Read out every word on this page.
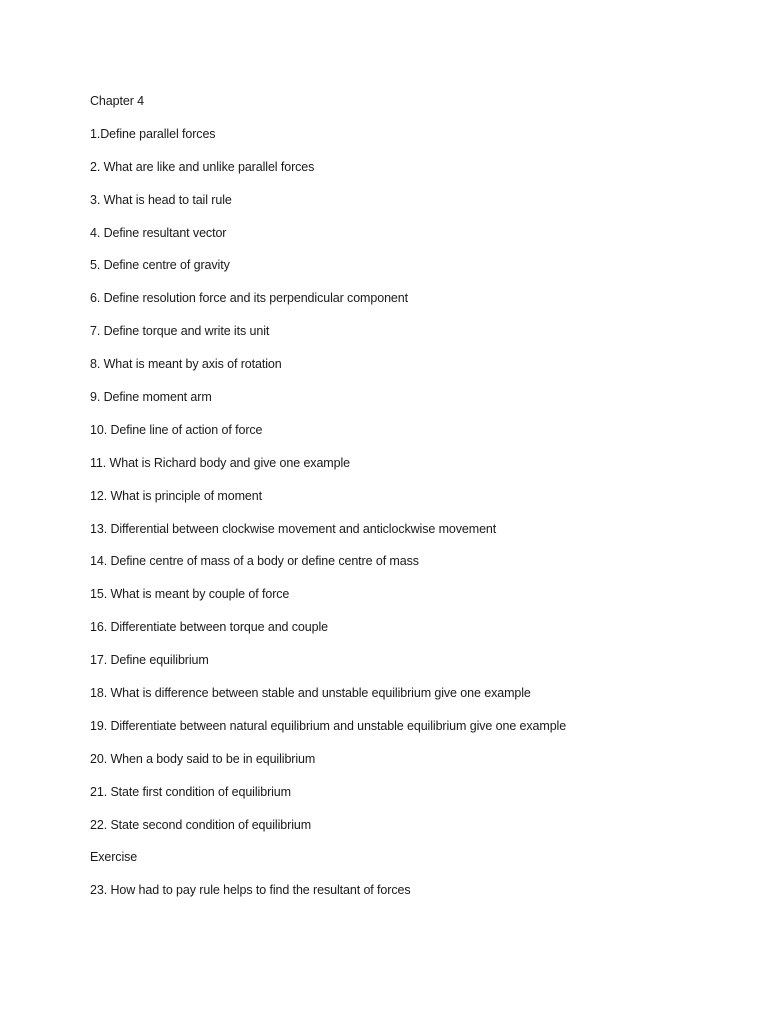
Chapter 4
1.Define parallel forces
2. What are like and unlike parallel forces
3. What is head to tail rule
4. Define resultant vector
5. Define centre of gravity
6. Define resolution force and its perpendicular component
7. Define torque and write its unit
8. What is meant by axis of rotation
9. Define moment arm
10. Define line of action of force
11. What is Richard body and give one example
12. What is principle of moment
13. Differential between clockwise movement and anticlockwise movement
14. Define centre of mass of a body or define centre of mass
15. What is meant by couple of force
16. Differentiate between torque and couple
17. Define equilibrium
18. What is difference between stable and unstable equilibrium give one example
19. Differentiate between natural equilibrium and unstable equilibrium give one example
20. When a body said to be in equilibrium
21. State first condition of equilibrium
22. State second condition of equilibrium
Exercise
23. How had to pay rule helps to find the resultant of forces
